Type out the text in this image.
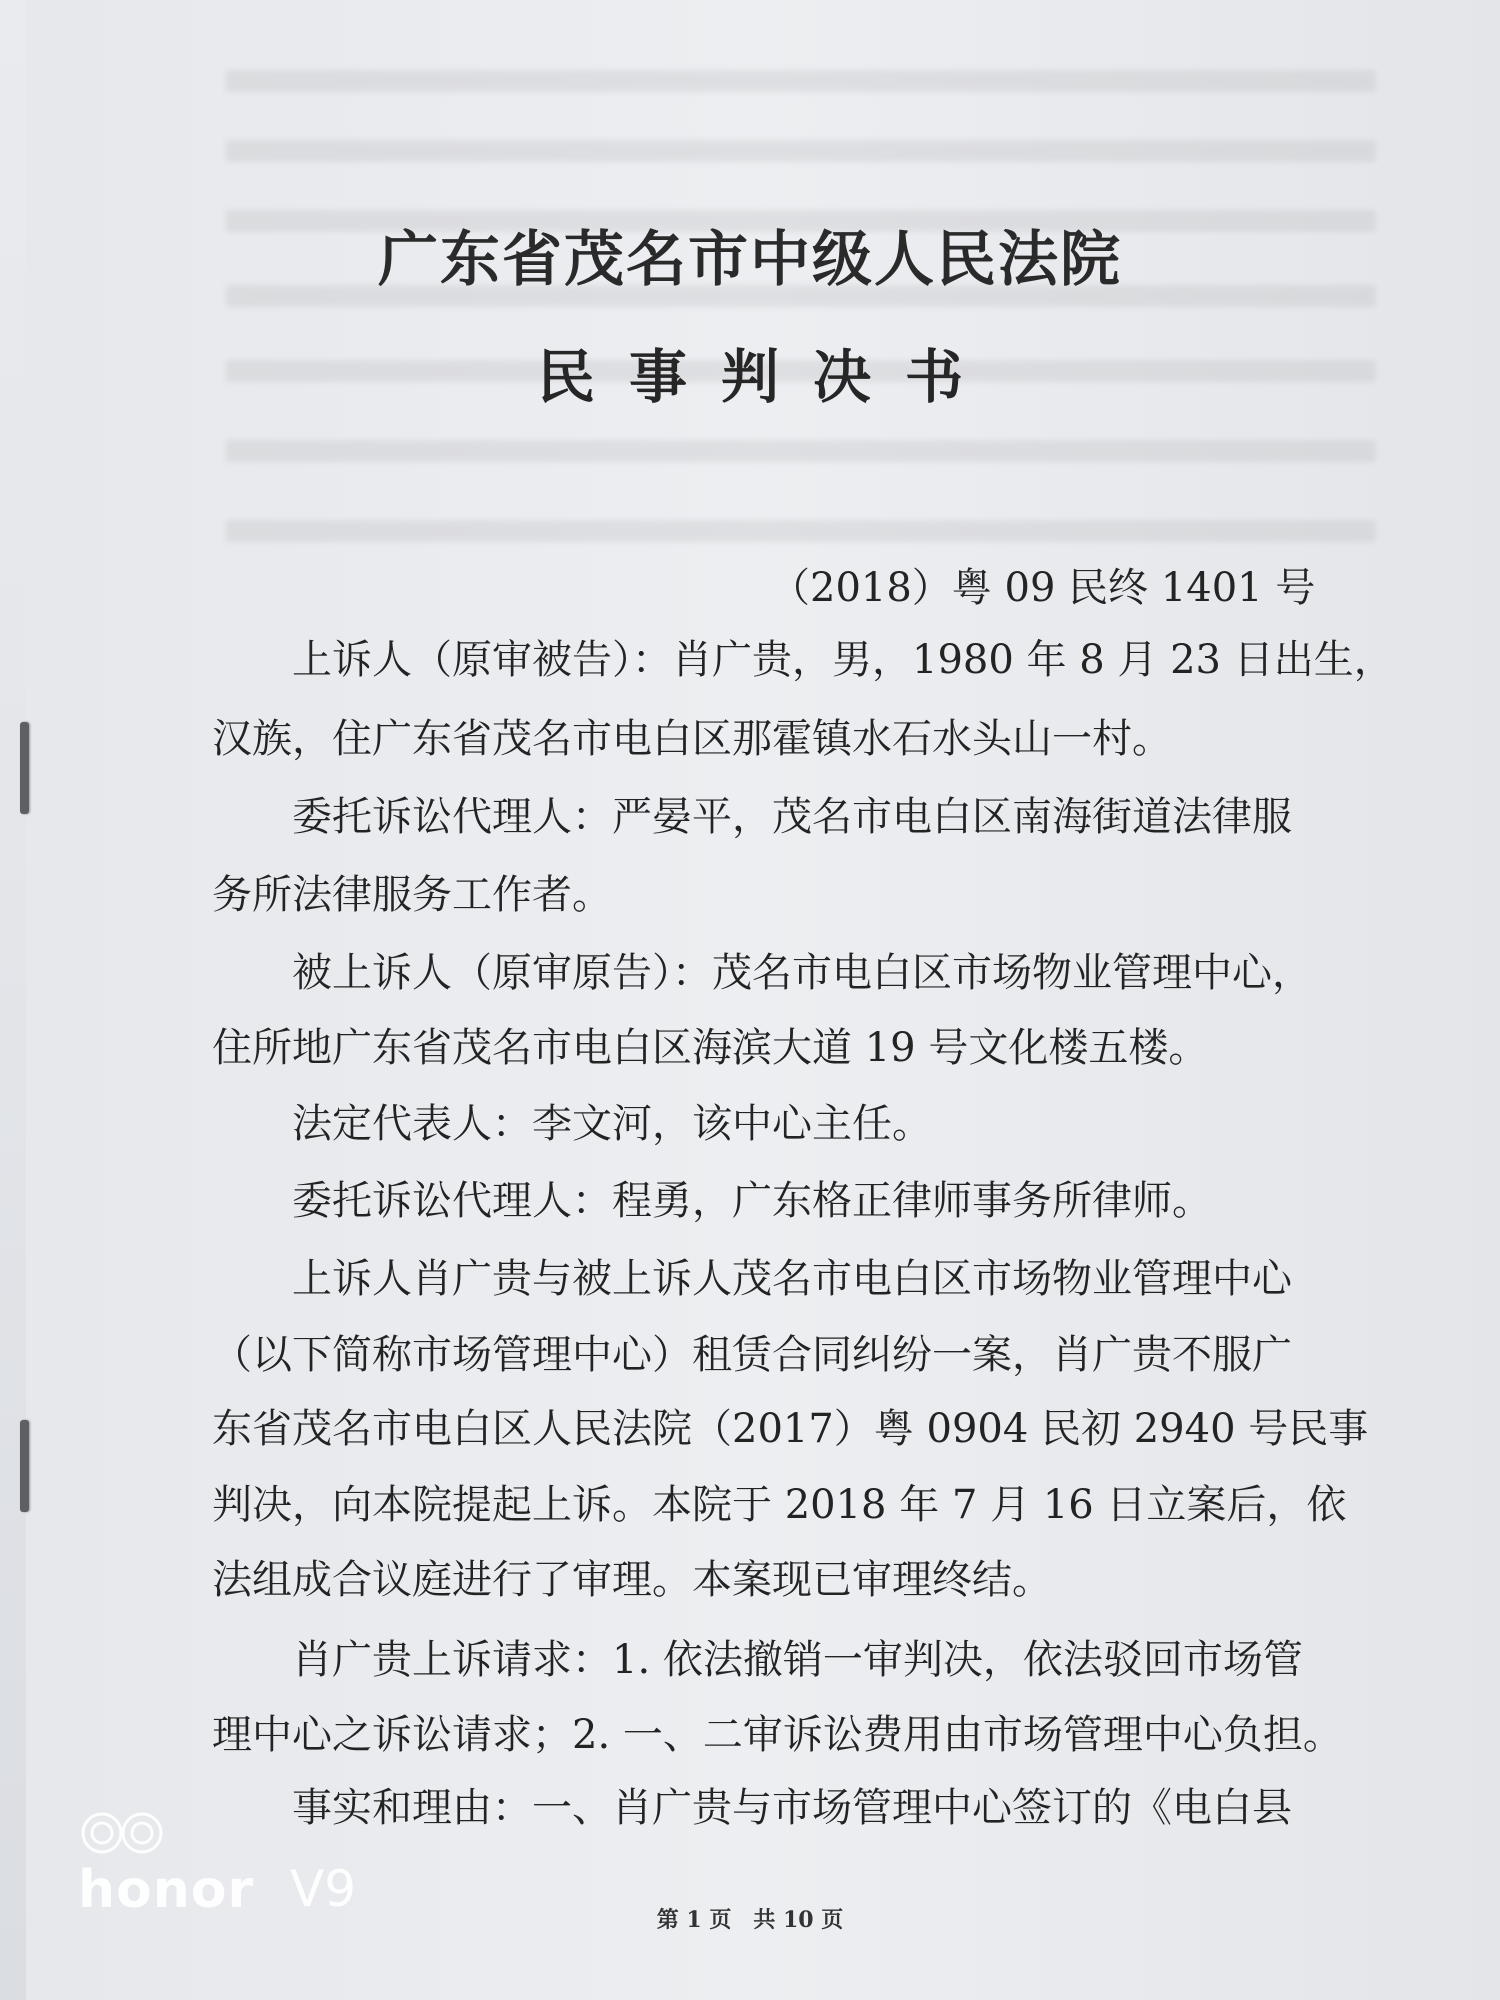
广东省茂名市中级人民法院
民事判决书
（2018）粤 09 民终 1401 号
　　上诉人（原审被告）：肖广贵，男，1980 年 8 月 23 日出生，
汉族，住广东省茂名市电白区那霍镇水石水头山一村。
　　委托诉讼代理人：严晏平，茂名市电白区南海街道法律服
务所法律服务工作者。
　　被上诉人（原审原告）：茂名市电白区市场物业管理中心，
住所地广东省茂名市电白区海滨大道 19 号文化楼五楼。
　　法定代表人：李文河，该中心主任。
　　委托诉讼代理人：程勇，广东格正律师事务所律师。
　　上诉人肖广贵与被上诉人茂名市电白区市场物业管理中心
（以下简称市场管理中心）租赁合同纠纷一案，肖广贵不服广
东省茂名市电白区人民法院（2017）粤 0904 民初 2940 号民事
判决，向本院提起上诉。本院于 2018 年 7 月 16 日立案后，依
法组成合议庭进行了审理。本案现已审理终结。
　　肖广贵上诉请求：1. 依法撤销一审判决，依法驳回市场管
理中心之诉讼请求；2. 一、二审诉讼费用由市场管理中心负担。
　　事实和理由：一、肖广贵与市场管理中心签订的《电白县
honor V9
第 1 页　共 10 页
